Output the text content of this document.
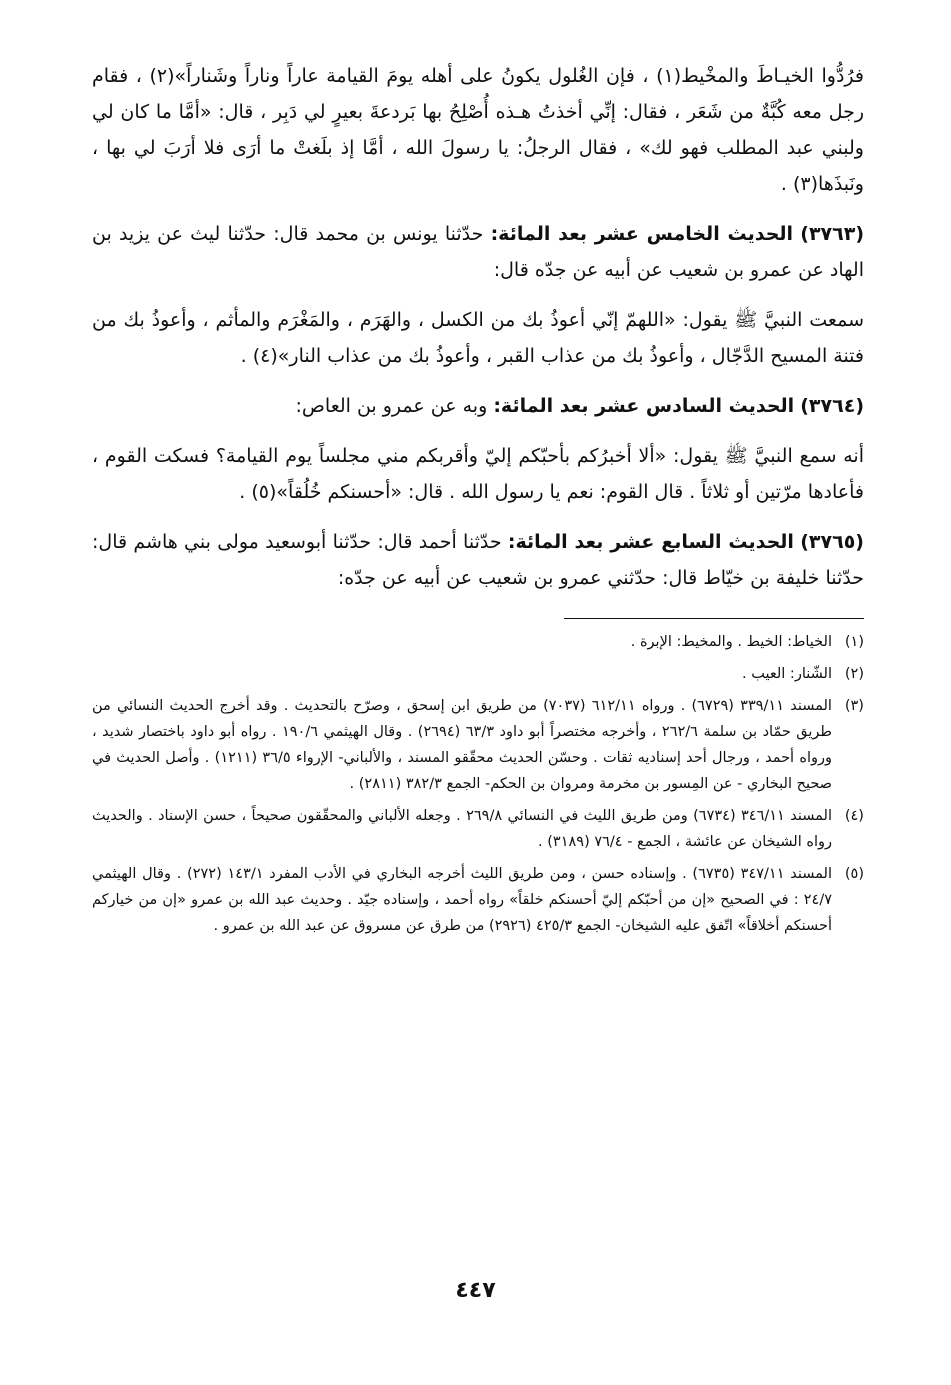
فرُدُّوا الخيـاطَ والمخْيط(١) ، فإن الغُلول يكونُ على أهله يومَ القيامة عاراً وناراً وشَناراً»(٢) ، فقام رجل معه كُبَّةٌ من شَعَر ، فقال: إنِّي أخذتُ هـذه أُصْلِحُ بها بَردعةَ بعيرٍ لي دَبِر ، قال: «أمَّا ما كان لي ولبني عبد المطلب فهو لك» ، فقال الرجلُ: يا رسولَ الله ، أمَّا إذ بلَغتْ ما أرَى فلا أرَبَ لي بها ، ونَبذَها(٣) .

(٣٧٦٣) الحديث الخامس عشر بعد المائة: حدّثنا يونس بن محمد قال: حدّثنا ليث عن يزيد بن الهاد عن عمرو بن شعيب عن أبيه عن جدّه قال:

سمعت النبيَّ ﷺ يقول: «اللهمّ إنّي أعوذُ بك من الكسل ، والهَرَم ، والمَغْرَم والمأثم ، وأعوذُ بك من فتنة المسيح الدَّجّال ، وأعوذُ بك من عذاب القبر ، وأعوذُ بك من عذاب النار»(٤) .

(٣٧٦٤) الحديث السادس عشر بعد المائة: وبه عن عمرو بن العاص:

أنه سمع النبيَّ ﷺ يقول: «ألا أخبرُكم بأحبّكم إليّ وأقربكم مني مجلساً يوم القيامة؟ فسكت القوم ، فأعادها مرّتين أو ثلاثاً . قال القوم: نعم يا رسول الله . قال: «أحسنكم خُلُقاً»(٥) .

(٣٧٦٥) الحديث السابع عشر بعد المائة: حدّثنا أحمد قال: حدّثنا أبوسعيد مولى بني هاشم قال: حدّثنا خليفة بن خيّاط قال: حدّثني عمرو بن شعيب عن أبيه عن جدّه:

(١)الخياط: الخيط . والمخيط: الإبرة .

(٢)الشّنار: العيب .

(٣)المسند ٣٣٩/١١ (٦٧٢٩) . ورواه ٦١٢/١١ (٧٠٣٧) من طريق ابن إسحق ، وصرّح بالتحديث . وقد أخرج الحديث النسائي من طريق حمّاد بن سلمة ٢٦٢/٦ ، وأخرجه مختصراً أبو داود ٦٣/٣ (٢٦٩٤) . وقال الهيثمي ١٩٠/٦ . رواه أبو داود باختصار شديد ، ورواه أحمد ، ورجال أحد إسناديه ثقات . وحسّن الحديث محقّقو المسند ، والألباني- الإرواء ٣٦/٥ (١٢١١) . وأصل الحديث في صحيح البخاري - عن المِسور بن مخرمة ومروان بن الحكم- الجمع ٣٨٢/٣ (٢٨١١) .

(٤)المسند ٣٤٦/١١ (٦٧٣٤) ومن طريق الليث في النسائي ٢٦٩/٨ . وجعله الألباني والمحقّقون صحيحاً ، حسن الإسناد . والحديث رواه الشيخان عن عائشة ، الجمع - ٧٦/٤ (٣١٨٩) .

(٥)المسند ٣٤٧/١١ (٦٧٣٥) . وإسناده حسن ، ومن طريق الليث أخرجه البخاري في الأدب المفرد ١٤٣/١ (٢٧٢) . وقال الهيثمي ٢٤/٧ : في الصحيح «إن من أحبّكم إليّ أحسنكم خلقاً» رواه أحمد ، وإسناده جيّد . وحديث عبد الله بن عمرو «إن من خياركم أحسنكم أخلاقاً» اتّفق عليه الشيخان- الجمع ٤٢٥/٣ (٢٩٢٦) من طرق عن مسروق عن عبد الله بن عمرو .

٤٤٧
